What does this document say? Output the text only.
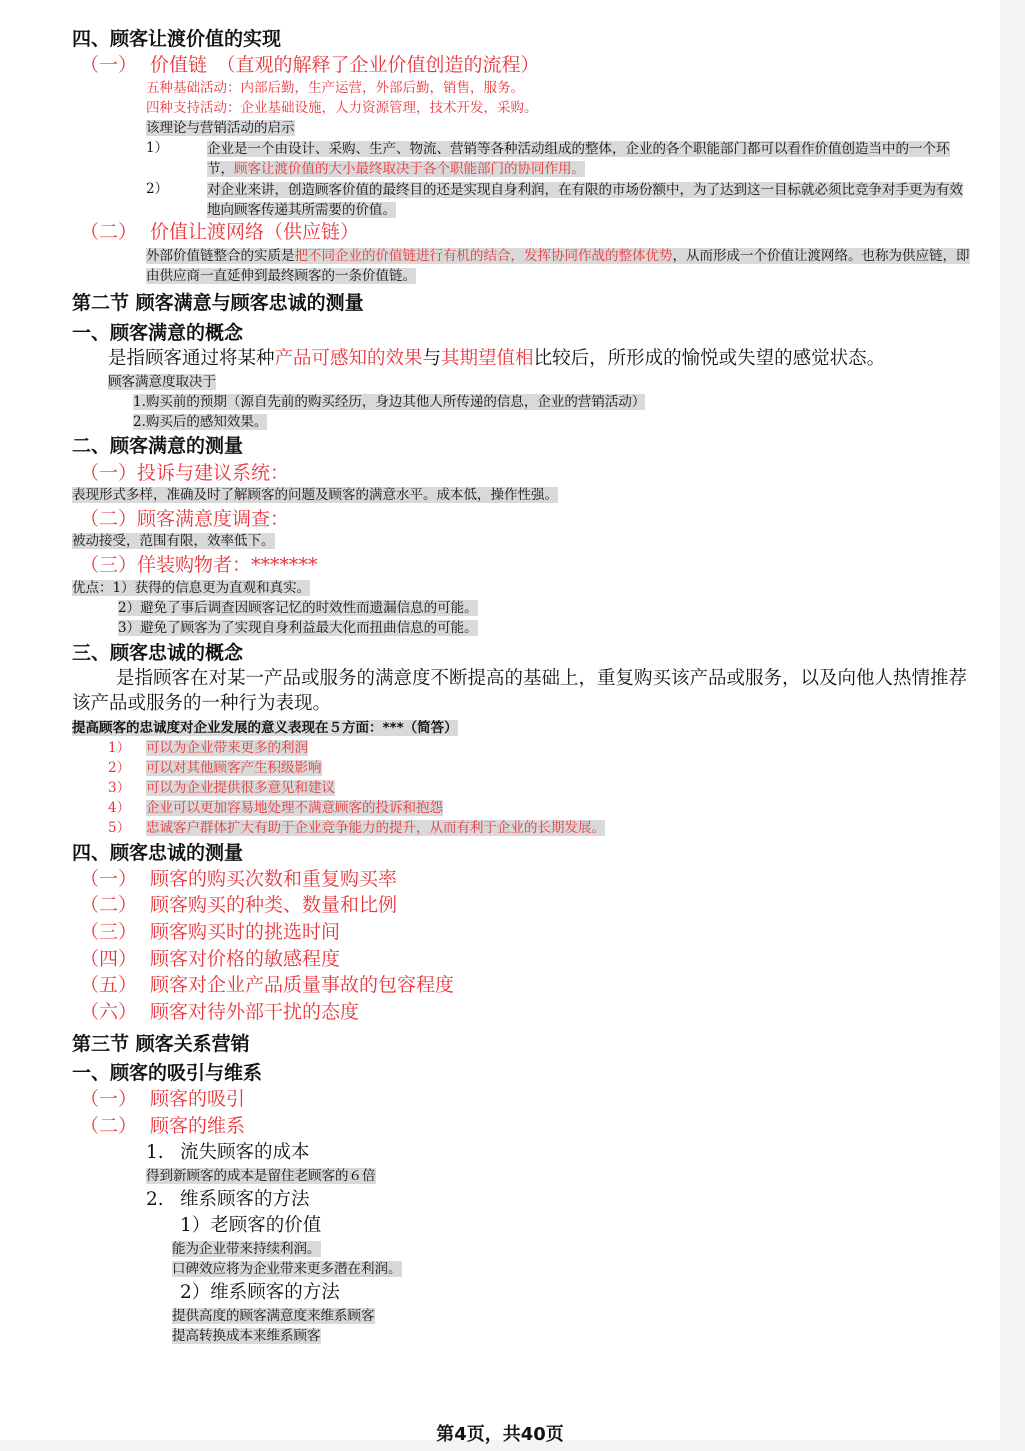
四、顾客让渡价值的实现
（一） 价值链　（直观的解释了企业价值创造的流程）
五种基础活动：内部后勤，生产运营，外部后勤，销售，服务。
四种支持活动：企业基础设施，人力资源管理，技术开发，采购。
该理论与营销活动的启示
1）	企业是一个由设计、采购、生产、物流、营销等各种活动组成的整体，企业的各个职能部门都可以看作价值创造当中的一个环节，顾客让渡价值的大小最终取决于各个职能部门的协同作用。
2）	对企业来讲，创造顾客价值的最终目的还是实现自身利润，在有限的市场份额中，为了达到这一目标就必须比竞争对手更为有效地向顾客传递其所需要的价值。
（二） 价值让渡网络（供应链）
外部价值链整合的实质是把不同企业的价值链进行有机的结合，发挥协同作战的整体优势，从而形成一个价值让渡网络。也称为供应链，即由供应商一直延伸到最终顾客的一条价值链。
第二节 顾客满意与顾客忠诚的测量
一、顾客满意的概念
是指顾客通过将某种产品可感知的效果与其期望值相比较后，所形成的愉悦或失望的感觉状态。
顾客满意度取决于
1.购买前的预期（源自先前的购买经历，身边其他人所传递的信息，企业的营销活动）
2.购买后的感知效果。
二、顾客满意的测量
（一）投诉与建议系统：
表现形式多样，准确及时了解顾客的问题及顾客的满意水平。成本低，操作性强。
（二）顾客满意度调查：
被动接受，范围有限，效率低下。
（三）佯装购物者：*******
优点：1）获得的信息更为直观和真实。
2）避免了事后调查因顾客记忆的时效性而遗漏信息的可能。
3）避免了顾客为了实现自身利益最大化而扭曲信息的可能。
三、顾客忠诚的概念
是指顾客在对某一产品或服务的满意度不断提高的基础上，重复购买该产品或服务，以及向他人热情推荐该产品或服务的一种行为表现。
提高顾客的忠诚度对企业发展的意义表现在５方面：***（简答）
1） 可以为企业带来更多的利润
2） 可以对其他顾客产生积级影响
3） 可以为企业提供很多意见和建议
4） 企业可以更加容易地处理不满意顾客的投诉和抱怨
5） 忠诚客户群体扩大有助于企业竞争能力的提升，从而有利于企业的长期发展。
四、顾客忠诚的测量
（一） 顾客的购买次数和重复购买率
（二） 顾客购买的种类、数量和比例
（三） 顾客购买时的挑选时间
（四） 顾客对价格的敏感程度
（五） 顾客对企业产品质量事故的包容程度
（六） 顾客对待外部干扰的态度
第三节 顾客关系营销
一、顾客的吸引与维系
（一） 顾客的吸引
（二） 顾客的维系
1. 流失顾客的成本
得到新顾客的成本是留住老顾客的６倍
2. 维系顾客的方法
1）老顾客的价值
能为企业带来持续利润。
口碑效应将为企业带来更多潜在利润。
2）维系顾客的方法
提供高度的顾客满意度来维系顾客
提高转换成本来维系顾客
第4页，共40页
